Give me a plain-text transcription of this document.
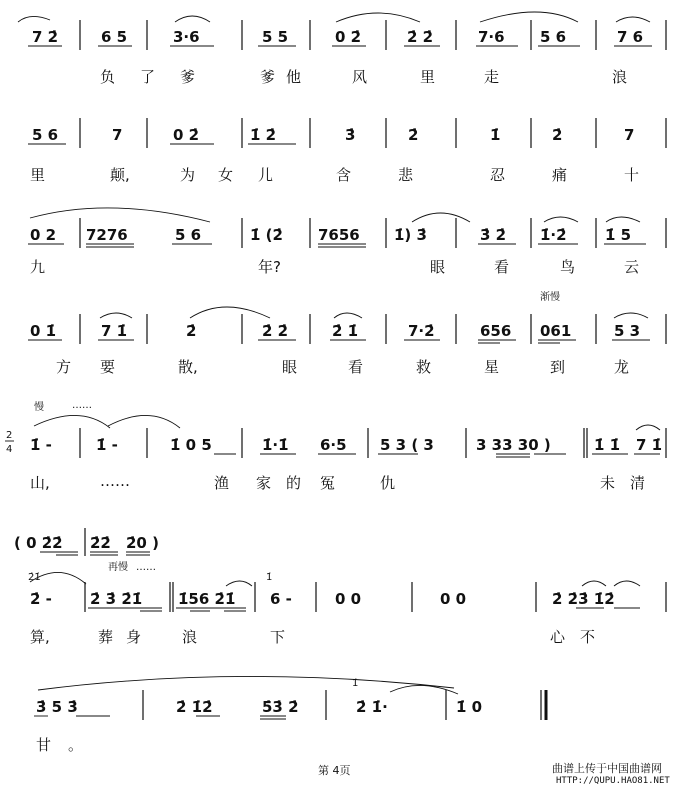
7 2̇	6 5	3·6	5 5	0 2̇	2̇ 2̇	7·6 5 6	7 6
负 了 爹	爹 他	风	里	走	浪
5 6	7	0 2̇	1̇ 2̇	3̇	2̇	1̇	2̇	7
里	颠,	为 女 儿	含	悲	忍	痛	十
0 2 7276	5 6	1̇ (2̇ 7656 1̇) 3̇	3̇ 2̇ 1̇·2̇	1̇ 5
九	年?	眼	看	鸟	云
渐慢
0 1̇	7 1̇	2̇	2̇ 2̇	2̇ 1̇	7·2̇	656 061	5 3
方 要	散,	眼	看	救	星	到	龙
慢	……
2
4 1̇ -	1̇ -	1̇ 0 5	1̇·1̇ 6·5 5 3 ( 3	3 33 30 )	1̇ 1̇ 7 1̇
山,	……	渔 家 的 冤	仇	未 清
( 0 2̇2̇ 2̇2̇ 2̇0 )
再慢 ……
2̇1̇	1̇
2̇ -	2̇ 3̇ 2̇1̇ 1̇56 2̇1̇ 6 -	0 0	0 0	2̇ 2̇3̇ 1̇2̇
算,	葬 身	浪	下	心 不
1̇
3̇ 5 3̇	2̇ 1̇2̇	5̇3̇ 2̇	2̇ 1̇·	1̇ 0
甘 。
第 4页	曲谱上传于中国曲谱网
HTTP://QUPU.HAO81.NET
